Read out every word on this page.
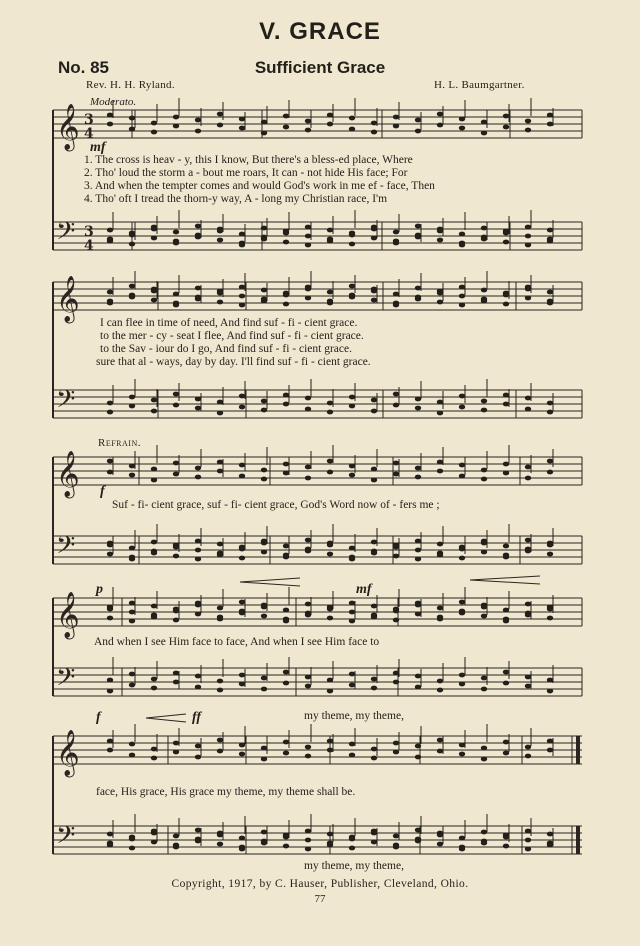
V. GRACE
No. 85	Sufficient Grace
Rev. H. H. Ryland.	H. L. Baumgartner.
Moderato.
mf
1. The cross is heav - y, this I know, But there's a bless-ed place, Where
2. Tho' loud the storm a - bout me roars, It can - not hide His face; For
3. And when the tempter comes and would God's work in me ef - face, Then
4. Tho' oft I tread the thorn-y way, A - long my Christian race, I'm
I can flee in time of need, And find suf - fi - cient grace.
to the mer - cy - seat I flee, And find suf - fi - cient grace.
to the Sav - iour do I go, And find suf - fi - cient grace.
sure that al - ways, day by day. I'll find suf - fi - cient grace.
Refrain.
f
Suf - fi- cient grace, suf - fi- cient grace, God's Word now of - fers me ;
p	mf
And when I see Him face to face, And when I see Him face to
f	ff	my theme, my theme,
face, His grace, His grace my theme, my theme shall be.
my theme, my theme,
Copyright, 1917, by C. Hauser, Publisher, Cleveland, Ohio.
77
𝄞
𝄢
3
4
3
4
𝄞
𝄢
𝄞
𝄢
𝄞
𝄢
𝄞
𝄢
